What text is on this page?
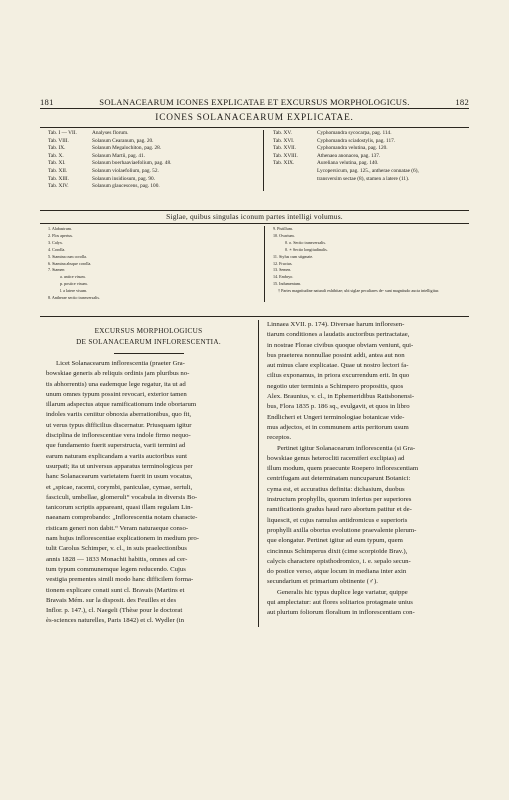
181	SOLANACEARUM ICONES EXPLICATAE ET EXCURSUS MORPHOLOGICUS.	182
ICONES SOLANACEARUM EXPLICATAE.
Tab. I — VII.	Analyses florum.
Tab. VIII.	Solanum Cearanum, pag. 20.
Tab. IX.	Solanum Megalochiton, pag. 28.
Tab. X.	Solanum Martii, pag. 41.
Tab. XI.	Solanum boerhaaviaefolium, pag. 48.
Tab. XII.	Solanum violaefolium, pag. 52.
Tab. XIII.	Solanum insidiosum, pag. 90.
Tab. XIV.	Solanum glaucescens, pag. 100.
Tab. XV.	Cyphomandra sycocarpa, pag. 114.
Tab. XVI.	Cyphomandra sciadostylis, pag. 117.
Tab. XVII.	Cyphomandra velutina, pag. 120.
Tab. XVIII.	Athenaea anonacea, pag. 137.
Tab. XIX.	Aureliana velutina, pag. 140.
Lycopersicum, pag. 125., antherae connatae (6),
transversim sectae (8), stamen a latere (11).
Siglae, quibus singulas iconum partes intelligi volumus.
1. Alabastrum.
2. Flos apertus.
3. Calyx.
4. Corolla.
5. Stamina cum corolla.
6. Stamina absque corolla.
7. Stamen
a. antice visum.
p. postice visum.
l. a latere visum.
8. Antherae sectio transversalis.
9. Pistillum.
10. Ovarium.
0. o. Sectio transversalis.
0. ∗ Sectio longitudinalis.
11. Stylus cum stigmate.
12. Fructus.
13. Semen.
14. Embryo.
15. Indumentum.
† Partes magnitudine naturali exhibitae; ubi siglae peculiares de- sunt magnitudo aucta intelligitur.
EXCURSUS MORPHOLOGICUS
DE SOLANACEARUM INFLORESCENTIA.
Licet Solanacearum inflorescentia (praeter Gra-
bowskiae generis ab reliquis ordinis jam pluribus no-
tis abhorrentis) una eademque lege regatur, ita ut ad
unum omnes typum possint revocari, exterior tamen
illarum adspectus atque ramificationum inde obortarum
indoles variis ceniitur obnoxia aberrationibus, quo fit,
ut verus typus difficilius discernatur. Priusquam igitur
disciplina de inflorescentiae vera indole firmo nequo-
que fundamento fuerit superstructa, varii termini ad
earum naturam explicandam a variis auctoribus sunt
usurpati; ita ut universus apparatus terminologicus per
hanc Solanacearum varietatem fuerit in usum vocatus,
et „spicae, racemi, corymbi, paniculae, cymae, sertuli,
fasciculi, umbellae, glomeruli“ vocabula in diversis Bo-
tanicorum scriptis appareant, quasi illam regulam Lin-
naeanam comprobando: „Inflorescentia notam characte-
risticam generi non dabit.“ Veram naturaeque conso-
nam hujus inflorescentiae explicationem in medium pro-
tulit Carolus Schimper, v. cl., in suis praelectionibus
annis 1828 — 1833 Monachii habitis, omnes ad cer-
tum typum communemque legem reducendo. Cujus
vestigia prementes simili modo hanc difficilem forma-
tionem explicare conati sunt cl. Bravais (Martins et
Bravais Mém. sur la disposit. des Feuilles et des
Inflor. p. 147.), cl. Naegeli (Thèse pour le doctorat
ès-sciences naturelles, Paris 1842) et cl. Wydler (in
Linnaea XVII. p. 174). Diversae harum infloresen-
tiarum conditiones a laudatis auctoribus pertractatae,
in nostrae Florae civibus quoque obviam veniunt, qui-
bus praeterea nonnullae possint addi, antea aut non
aut minus clare explicatae. Quae ut nostro lectori fa-
cilius exponamus, in priora excurrendum erit. In quo
negotio uter terminis a Schimpero propositis, quos
Alex. Braunius, v. cl., in Ephemeridibus Ratisbonensi-
bus, Flora 1835 p. 186 sq., evulgavit, et quos in libro
Endlicheri et Ungeri terminologiae botanicae vide-
mus adjectos, et in communem artis peritorum usum
receptos.
Pertinet igitur Solanacearum inflorescentia (si Gra-
bowskiae genus heterocliti racemiferi exclipias) ad
illum modum, quem praecunte Roepero inflorescentiam
centrifugam aut determinatam nuncuparunt Botanici:
cyma est, et accuratius definita: dichasium, duobus
instructum prophyllis, quorum inferius per superiores
ramificationis gradus haud raro abortum patitur et de-
liquescit, et cujus ramulus antidromicus e superioris
prophylli axilla obortus evolutione praevalente plerum-
que elongatur. Pertinet igitur ad eum typum, quem
cincinnus Schimperus dixit (cime scorpioïde Brav.),
calycis characterе opisthodromico, i. e. sepalo secun-
do postice verso, atque locum in mediana inter axin
secundarium et primarium obtinente (♂).
Generalis hic typus duplice lege variatur, quippe
qui amplectatur: aut flores solitarios protagmate unius
aut plurium foliorum floralium in inflorescentiam con-
